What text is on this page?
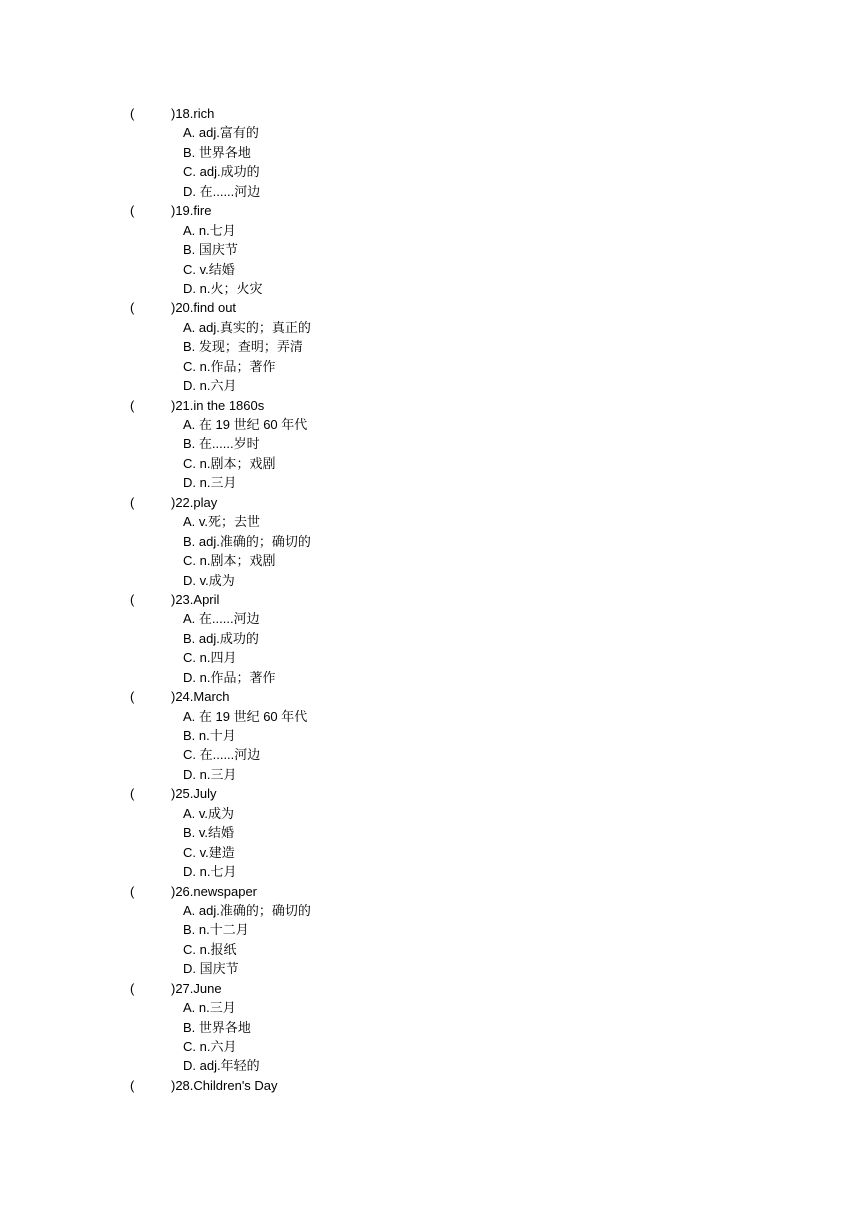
(	)18.rich
A. adj.富有的
B. 世界各地
C. adj.成功的
D. 在......河边
(	)19.fire
A. n.七月
B. 国庆节
C. v.结婚
D. n.火；火灾
(	)20.find out
A. adj.真实的；真正的
B. 发现；查明；弄清
C. n.作品；著作
D. n.六月
(	)21.in the 1860s
A. 在 19 世纪 60 年代
B. 在......岁时
C. n.剧本；戏剧
D. n.三月
(	)22.play
A. v.死；去世
B. adj.准确的；确切的
C. n.剧本；戏剧
D. v.成为
(	)23.April
A. 在......河边
B. adj.成功的
C. n.四月
D. n.作品；著作
(	)24.March
A. 在 19 世纪 60 年代
B. n.十月
C. 在......河边
D. n.三月
(	)25.July
A. v.成为
B. v.结婚
C. v.建造
D. n.七月
(	)26.newspaper
A. adj.准确的；确切的
B. n.十二月
C. n.报纸
D. 国庆节
(	)27.June
A. n.三月
B. 世界各地
C. n.六月
D. adj.年轻的
(	)28.Children's Day
